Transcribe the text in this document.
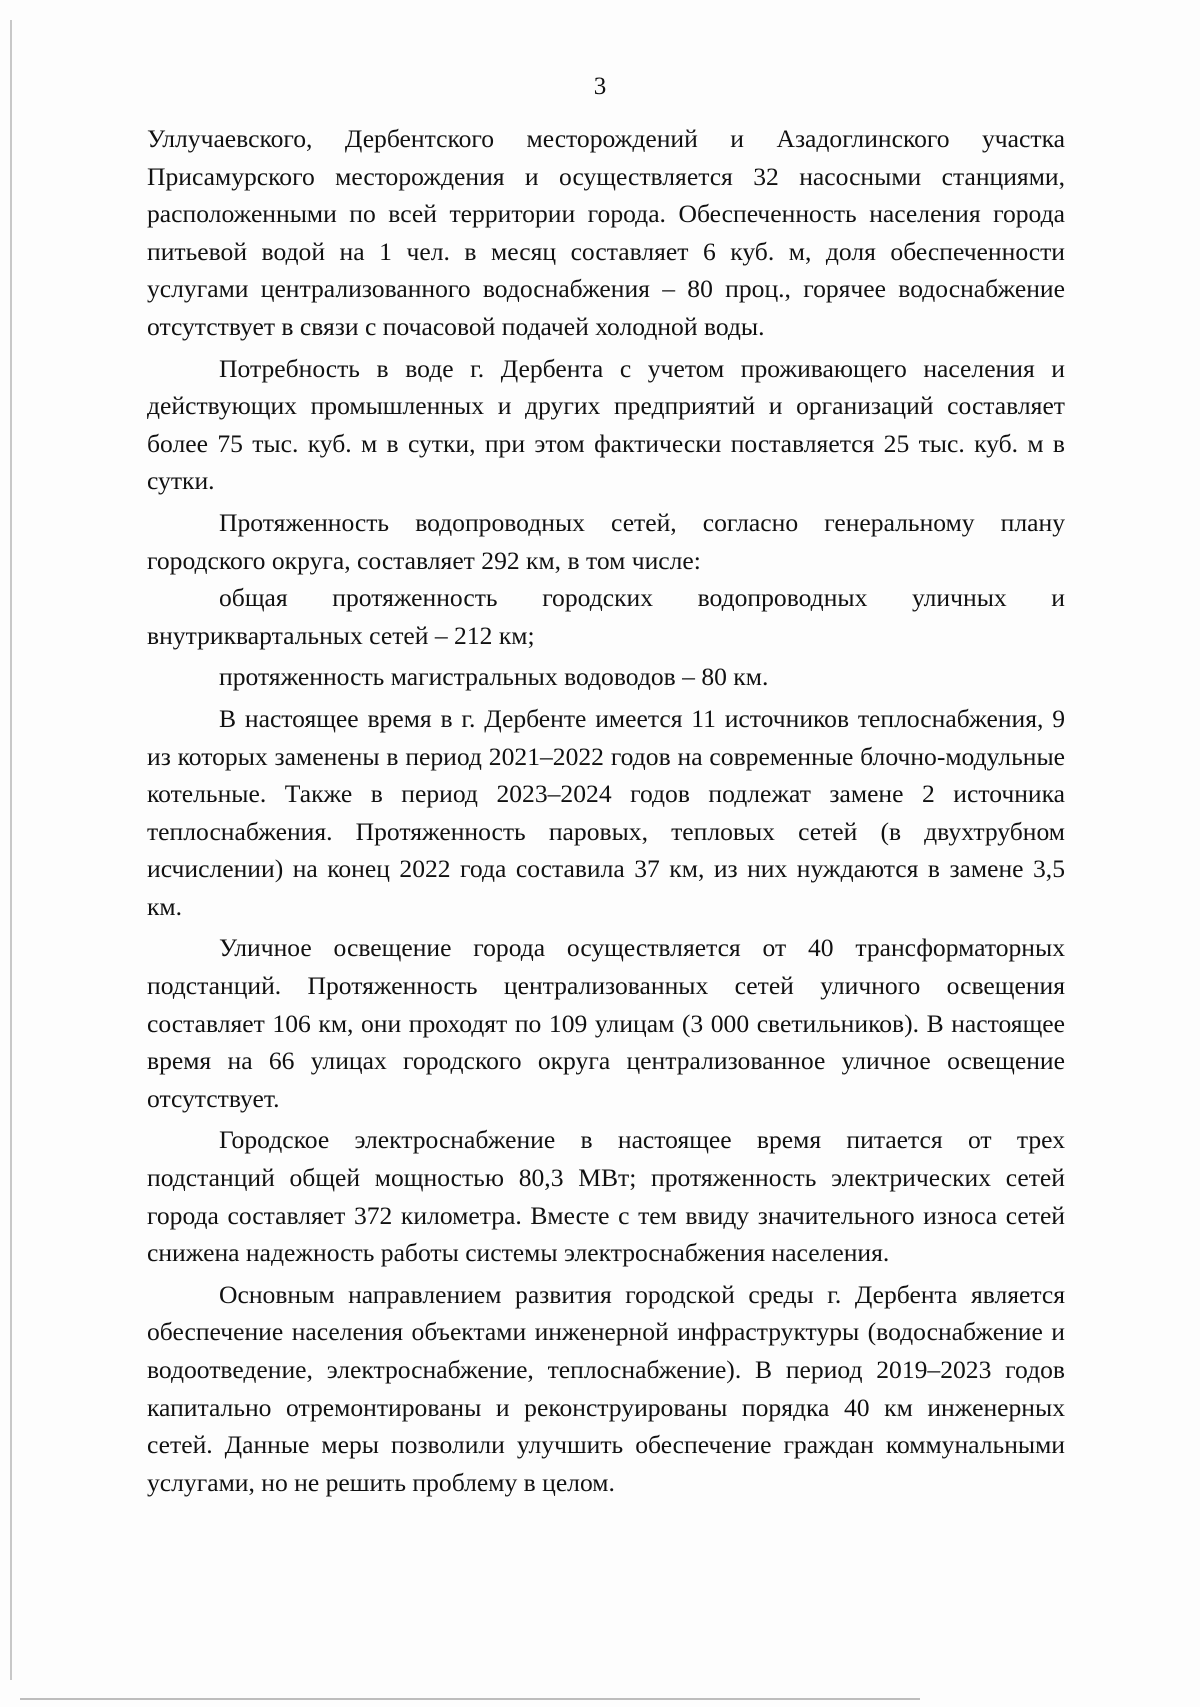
3

Уллучаевского, Дербентского месторождений и Азадоглинского участка Присамурского месторождения и осуществляется 32 насосными станциями, расположенными по всей территории города. Обеспеченность населения города питьевой водой на 1 чел. в месяц составляет 6 куб. м, доля обеспеченности услугами централизованного водоснабжения – 80 проц., горячее водоснабжение отсутствует в связи с почасовой подачей холодной воды.

Потребность в воде г. Дербента с учетом проживающего населения и действующих промышленных и других предприятий и организаций составляет более 75 тыс. куб. м в сутки, при этом фактически поставляется 25 тыс. куб. м в сутки.

Протяженность водопроводных сетей, согласно генеральному плану городского округа, составляет 292 км, в том числе:

общая протяженность городских водопроводных уличных и внутриквартальных сетей – 212 км;

протяженность магистральных водоводов – 80 км.

В настоящее время в г. Дербенте имеется 11 источников теплоснабжения, 9 из которых заменены в период 2021–2022 годов на современные блочно-модульные котельные. Также в период 2023–2024 годов подлежат замене 2 источника теплоснабжения. Протяженность паровых, тепловых сетей (в двухтрубном исчислении) на конец 2022 года составила 37 км, из них нуждаются в замене 3,5 км.

Уличное освещение города осуществляется от 40 трансформаторных подстанций. Протяженность централизованных сетей уличного освещения составляет 106 км, они проходят по 109 улицам (3 000 светильников). В настоящее время на 66 улицах городского округа централизованное уличное освещение отсутствует.

Городское электроснабжение в настоящее время питается от трех подстанций общей мощностью 80,3 МВт; протяженность электрических сетей города составляет 372 километра. Вместе с тем ввиду значительного износа сетей снижена надежность работы системы электроснабжения населения.

Основным направлением развития городской среды г. Дербента является обеспечение населения объектами инженерной инфраструктуры (водоснабжение и водоотведение, электроснабжение, теплоснабжение). В период 2019–2023 годов капитально отремонтированы и реконструированы порядка 40 км инженерных сетей. Данные меры позволили улучшить обеспечение граждан коммунальными услугами, но не решить проблему в целом.
